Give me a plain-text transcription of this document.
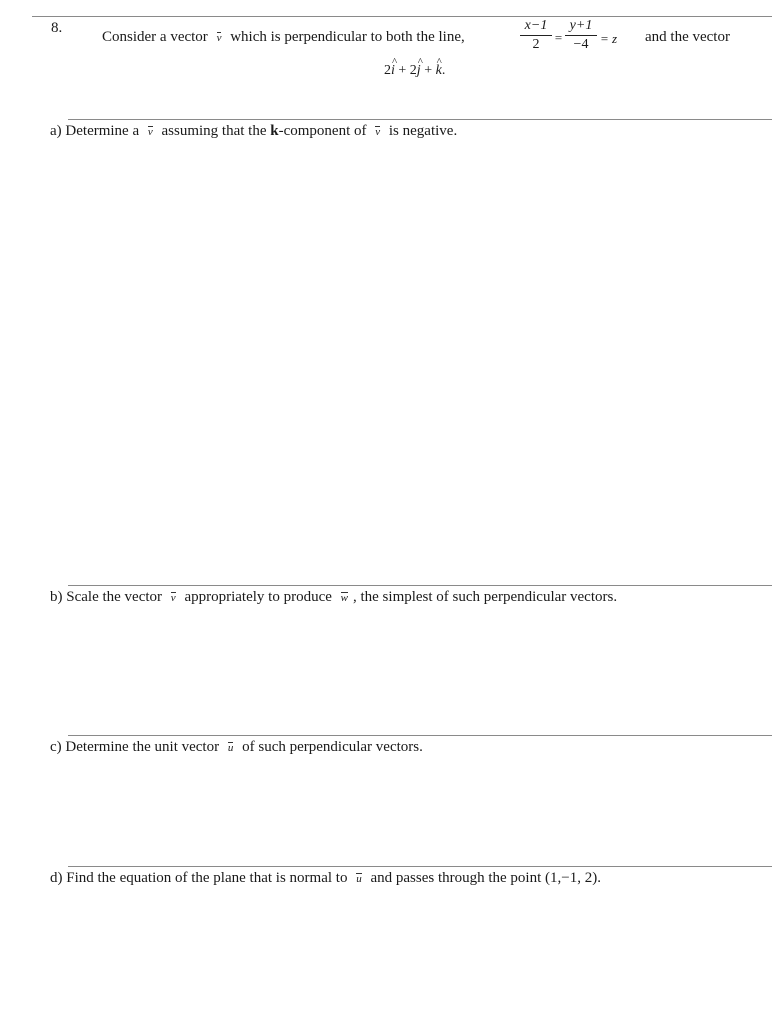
8.
Consider a vector v which is perpendicular to both the line,	$\frac{x-1}{2} = \frac{y+1}{-4} = z$ and the vector
2i ^ + 2j ^ + k ^.
a) Determine a v assuming that the k-component of v is negative.
b) Scale the vector v appropriately to produce w , the simplest of such perpendicular vectors.
c) Determine the unit vector u of such perpendicular vectors.
d) Find the equation of the plane that is normal to u and passes through the point (1,−1, 2).
